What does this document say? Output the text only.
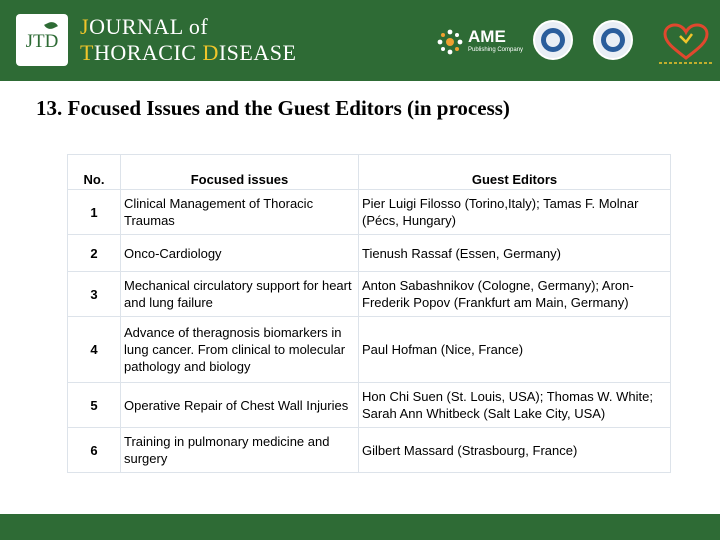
JTD
JOURNAL of
THORACIC DISEASE
AME
Publishing Company
13. Focused Issues and the Guest Editors (in process)
No.	Focused issues	Guest Editors
1	Clinical Management of Thoracic Traumas	Pier Luigi Filosso (Torino,Italy); Tamas F. Molnar (Pécs, Hungary)
2	Onco-Cardiology	Tienush Rassaf (Essen, Germany)
3	Mechanical circulatory support for heart and lung failure	Anton Sabashnikov (Cologne, Germany); Aron-Frederik Popov (Frankfurt am Main, Germany)
4	Advance of theragnosis biomarkers in lung cancer. From clinical to molecular pathology and biology	Paul Hofman (Nice, France)
5	Operative Repair of Chest Wall Injuries	Hon Chi Suen (St. Louis, USA); Thomas W. White; Sarah Ann Whitbeck (Salt Lake City, USA)
6	Training in pulmonary medicine and surgery	Gilbert Massard (Strasbourg, France)
